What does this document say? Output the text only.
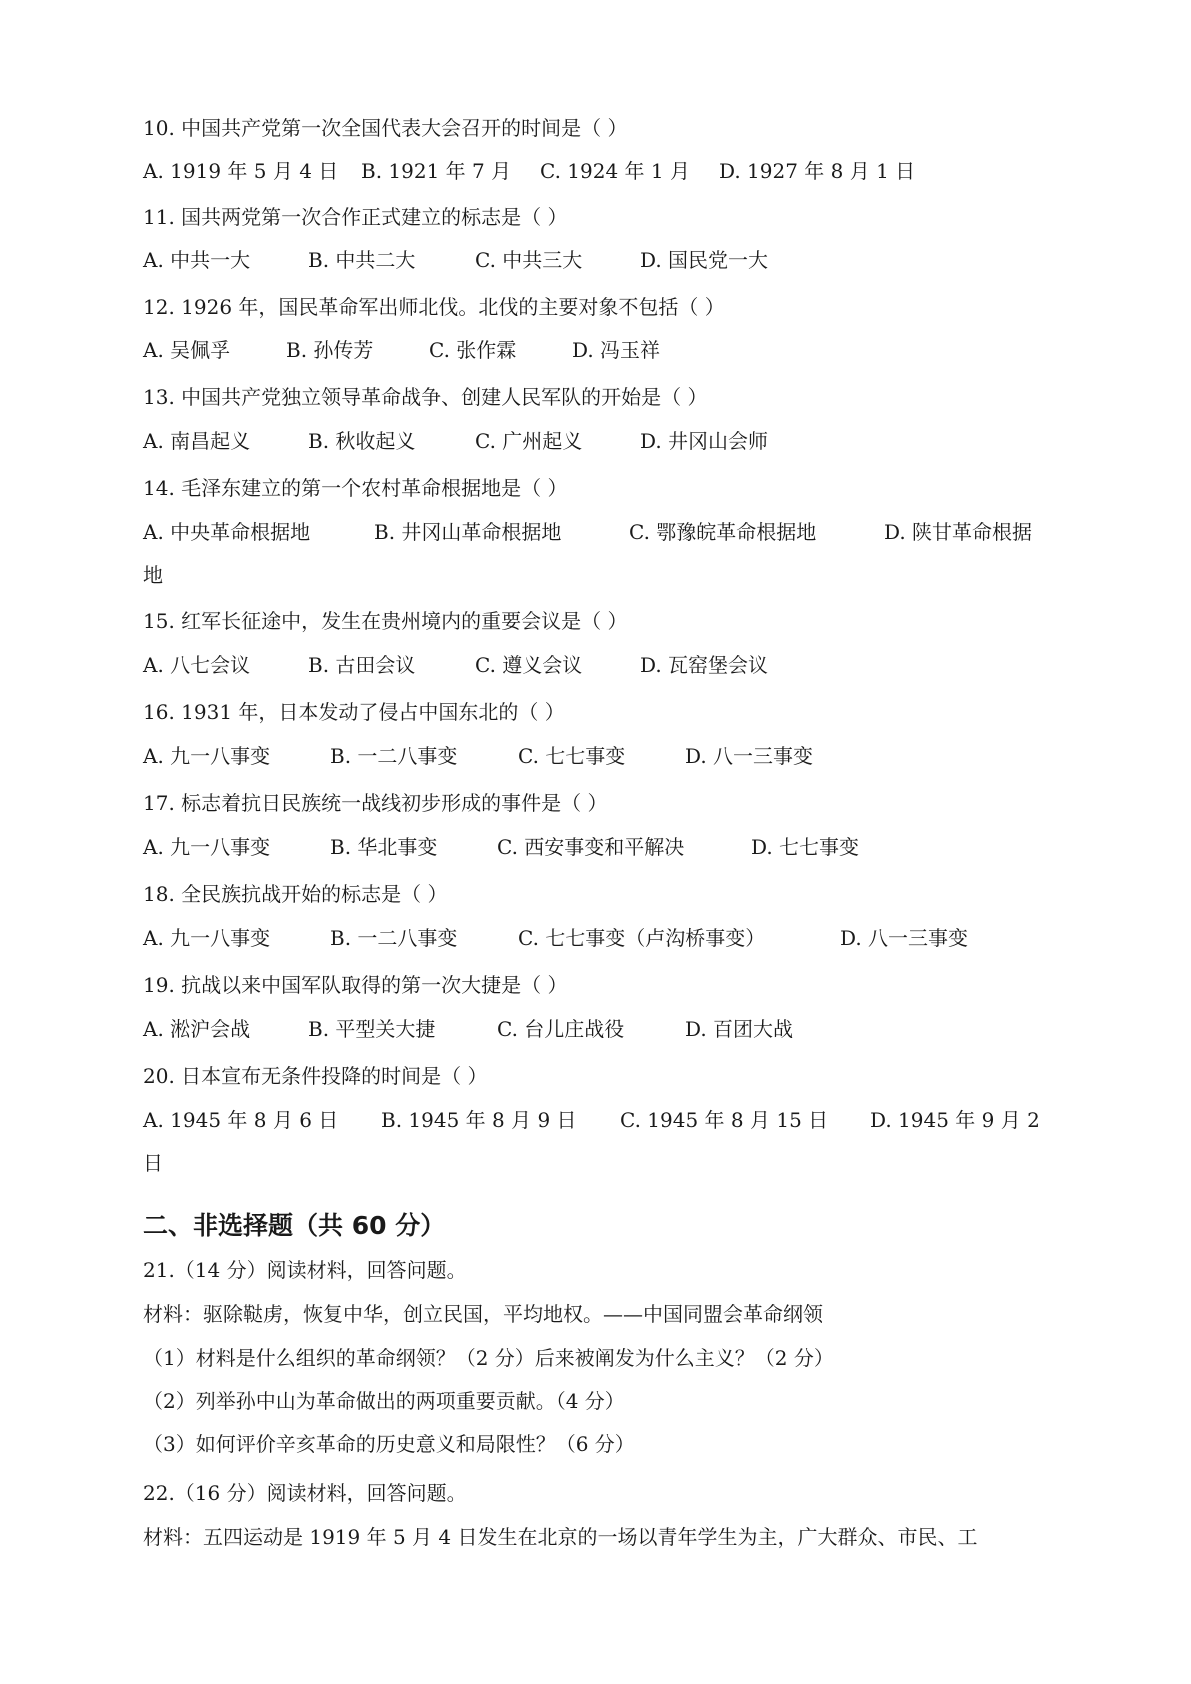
10. 中国共产党第一次全国代表大会召开的时间是（ ）
A. 1919 年 5 月 4 日 B. 1921 年 7 月 C. 1924 年 1 月 D. 1927 年 8 月 1 日
11. 国共两党第一次合作正式建立的标志是（ ）
A. 中共一大	B. 中共二大	C. 中共三大	D. 国民党一大
12. 1926 年，国民革命军出师北伐。北伐的主要对象不包括（ ）
A. 吴佩孚	B. 孙传芳	C. 张作霖	D. 冯玉祥
13. 中国共产党独立领导革命战争、创建人民军队的开始是（ ）
A. 南昌起义	B. 秋收起义	C. 广州起义	D. 井冈山会师
14. 毛泽东建立的第一个农村革命根据地是（ ）
A. 中央革命根据地	B. 井冈山革命根据地	C. 鄂豫皖革命根据地	D. 陕甘革命根据
地
15. 红军长征途中，发生在贵州境内的重要会议是（ ）
A. 八七会议	B. 古田会议	C. 遵义会议	D. 瓦窑堡会议
16. 1931 年，日本发动了侵占中国东北的（ ）
A. 九一八事变	B. 一二八事变	C. 七七事变	D. 八一三事变
17. 标志着抗日民族统一战线初步形成的事件是（ ）
A. 九一八事变	B. 华北事变	C. 西安事变和平解决	D. 七七事变
18. 全民族抗战开始的标志是（ ）
A. 九一八事变	B. 一二八事变	C. 七七事变（卢沟桥事变）	D. 八一三事变
19. 抗战以来中国军队取得的第一次大捷是（ ）
A. 淞沪会战	B. 平型关大捷	C. 台儿庄战役	D. 百团大战
20. 日本宣布无条件投降的时间是（ ）
A. 1945 年 8 月 6 日 B. 1945 年 8 月 9 日 C. 1945 年 8 月 15 日 D. 1945 年 9 月 2
日
二、非选择题（共 60 分）
21.（14 分）阅读材料，回答问题。
材料：驱除鞑虏，恢复中华，创立民国，平均地权。——中国同盟会革命纲领
（1）材料是什么组织的革命纲领？（2 分）后来被阐发为什么主义？（2 分）
（2）列举孙中山为革命做出的两项重要贡献。（4 分）
（3）如何评价辛亥革命的历史意义和局限性？（6 分）
22.（16 分）阅读材料，回答问题。
材料：五四运动是 1919 年 5 月 4 日发生在北京的一场以青年学生为主，广大群众、市民、工
